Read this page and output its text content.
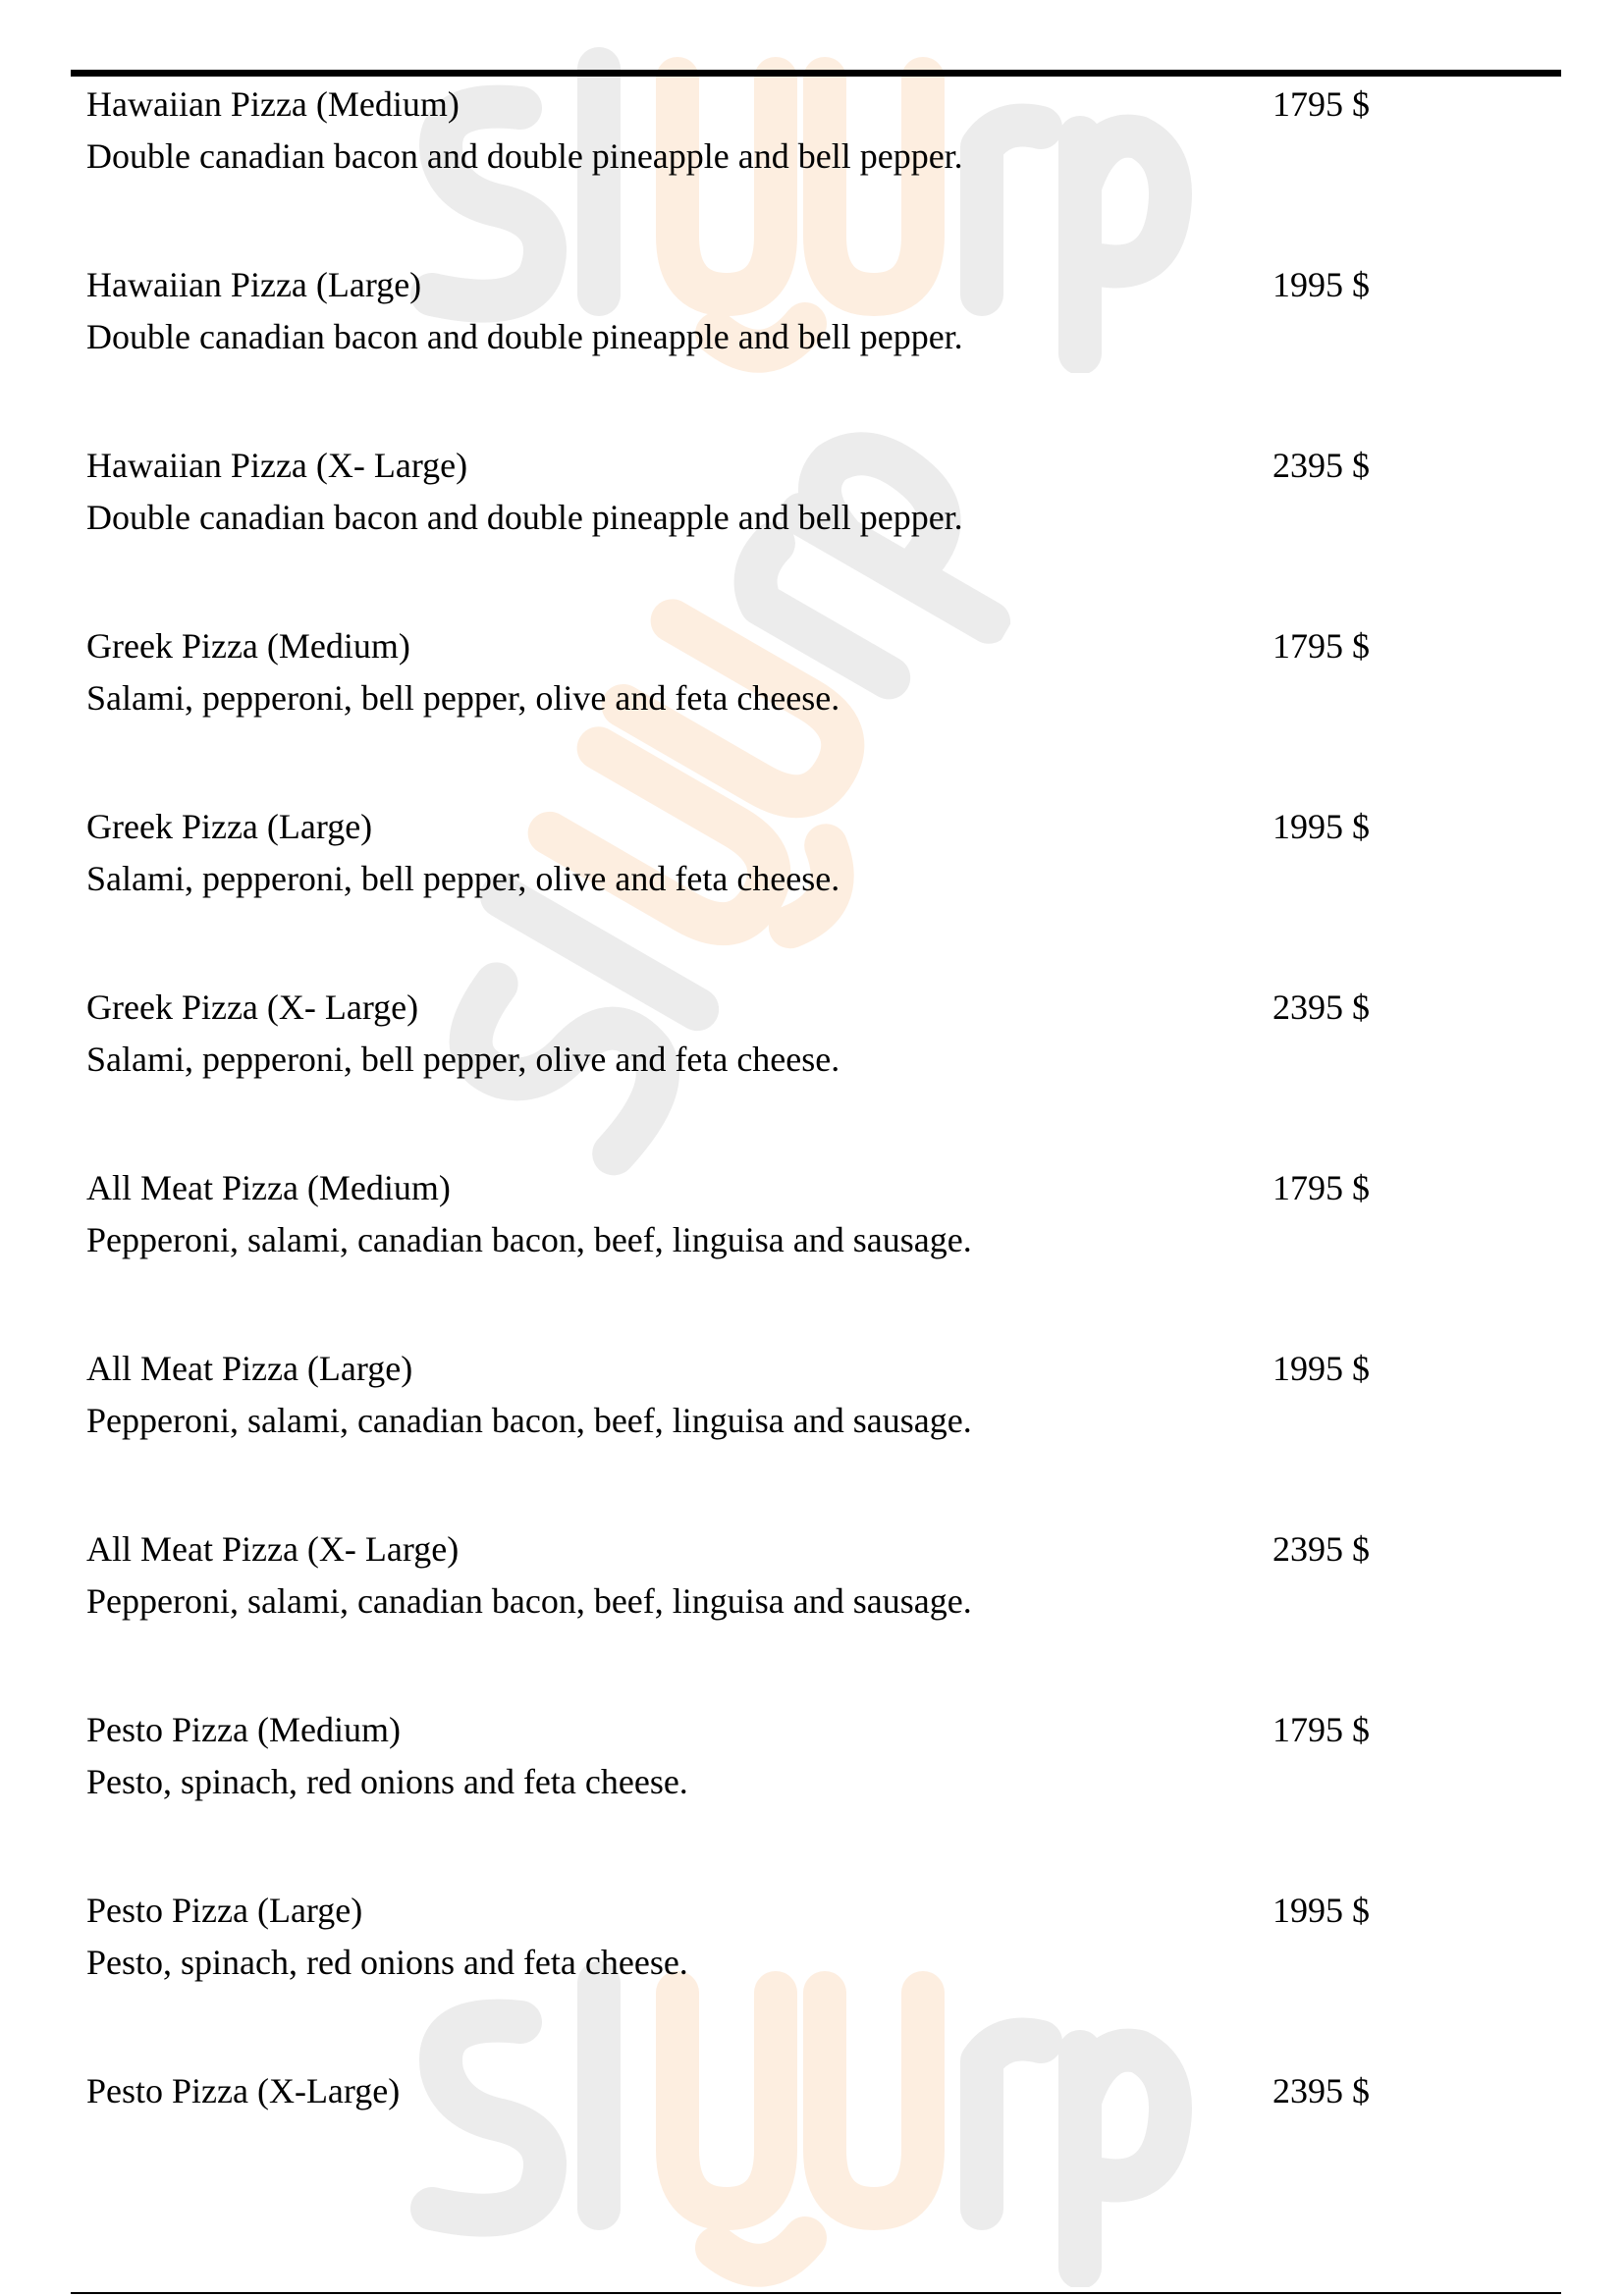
Hawaiian Pizza (Medium)
Double canadian bacon and double pineapple and bell pepper.
1795 $
Hawaiian Pizza (Large)
Double canadian bacon and double pineapple and bell pepper.
1995 $
Hawaiian Pizza (X- Large)
Double canadian bacon and double pineapple and bell pepper.
2395 $
Greek Pizza (Medium)
Salami, pepperoni, bell pepper, olive and feta cheese.
1795 $
Greek Pizza (Large)
Salami, pepperoni, bell pepper, olive and feta cheese.
1995 $
Greek Pizza (X- Large)
Salami, pepperoni, bell pepper, olive and feta cheese.
2395 $
All Meat Pizza (Medium)
Pepperoni, salami, canadian bacon, beef, linguisa and sausage.
1795 $
All Meat Pizza (Large)
Pepperoni, salami, canadian bacon, beef, linguisa and sausage.
1995 $
All Meat Pizza (X- Large)
Pepperoni, salami, canadian bacon, beef, linguisa and sausage.
2395 $
Pesto Pizza (Medium)
Pesto, spinach, red onions and feta cheese.
1795 $
Pesto Pizza (Large)
Pesto, spinach, red onions and feta cheese.
1995 $
Pesto Pizza (X-Large)	2395 $
